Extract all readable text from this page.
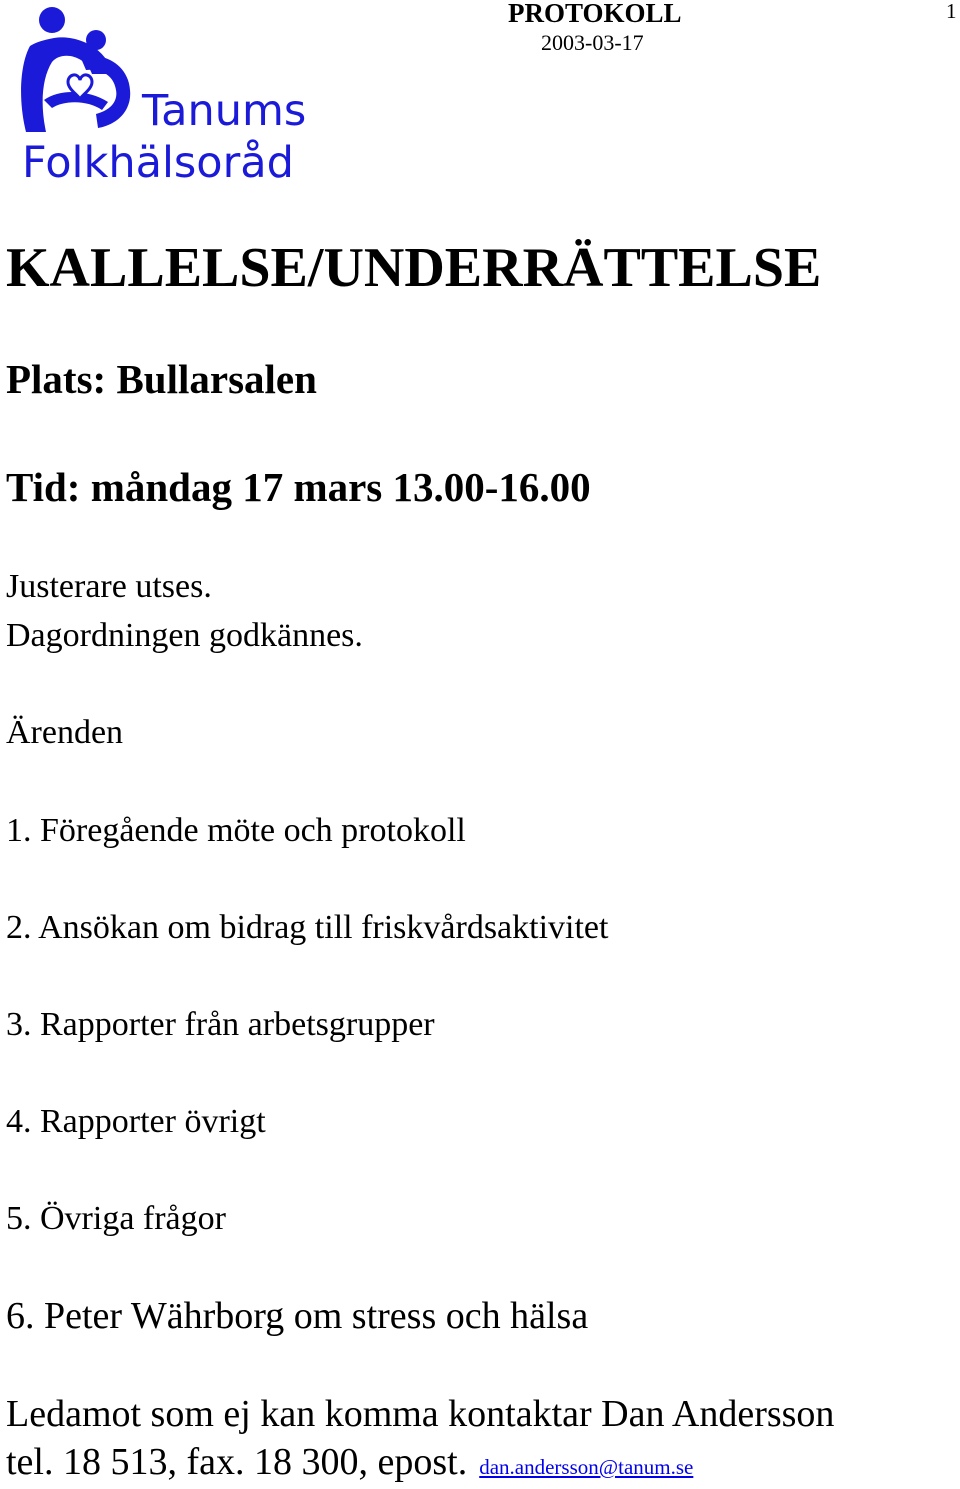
PROTOKOLL
2003-03-17
1
Tanums
Folkhälsoråd
KALLELSE/UNDERRÄTTELSE
Plats: Bullarsalen
Tid: måndag 17 mars 13.00-16.00
Justerare utses.
Dagordningen godkännes.
Ärenden
1. Föregående möte och protokoll
2. Ansökan om bidrag till friskvårdsaktivitet
3. Rapporter från arbetsgrupper
4. Rapporter övrigt
5. Övriga frågor
6. Peter Währborg om stress och hälsa
Ledamot som ej kan komma kontaktar Dan Andersson
tel. 18 513, fax. 18 300, epost. dan.andersson@tanum.se
